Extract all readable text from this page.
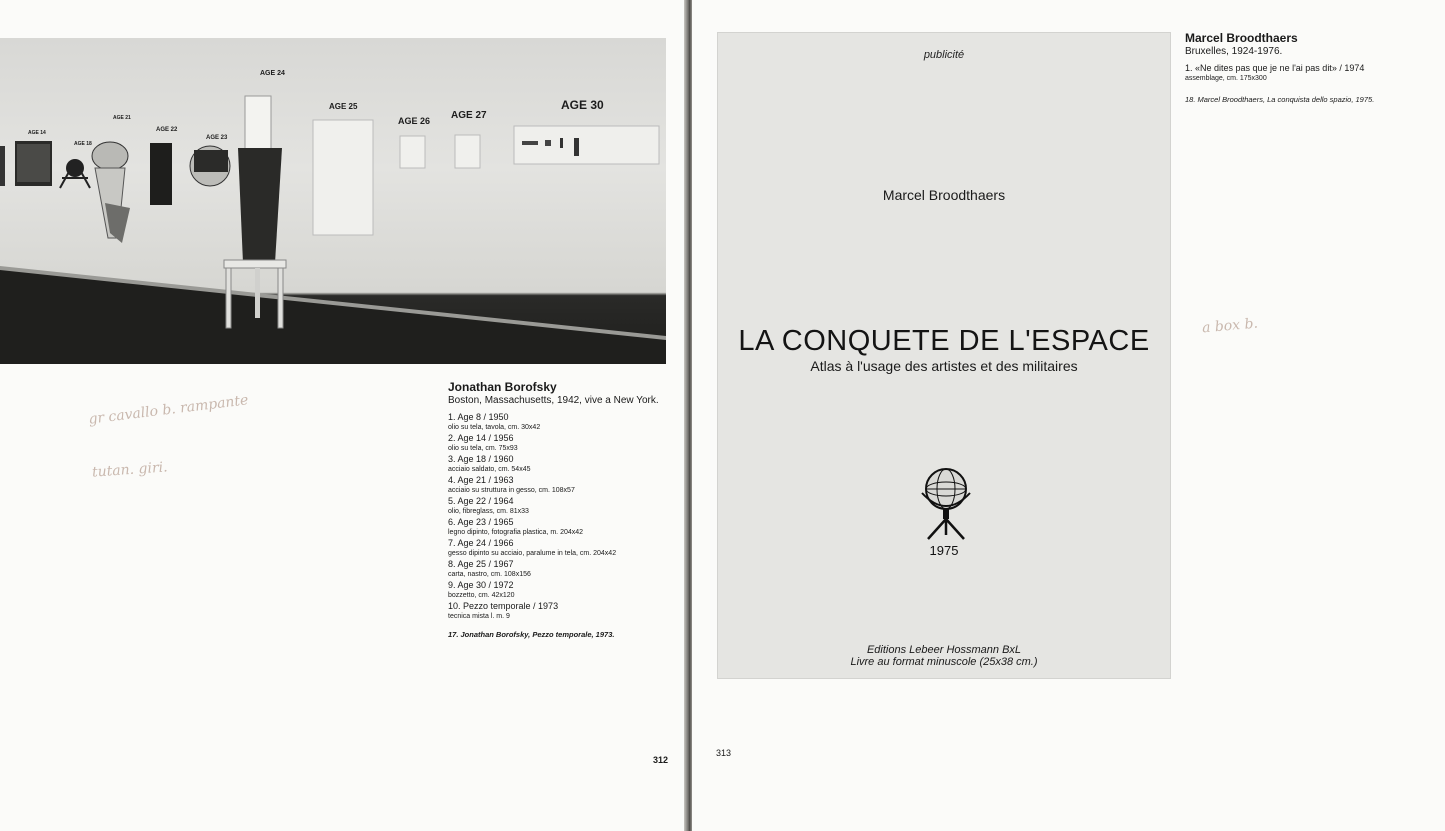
AGE 14
AGE 18
AGE 21
AGE 22
AGE 23
AGE 24
AGE 25
AGE 26 AGE 27
AGE 30
gr cavallo b. rampante
tutan. giri.
Jonathan Borofsky
Boston, Massachusetts, 1942, vive a New York.
1. Age 8 / 1950
olio su tela, tavola, cm. 30x42
2. Age 14 / 1956
olio su tela, cm. 75x93
3. Age 18 / 1960
acciaio saldato, cm. 54x45
4. Age 21 / 1963
acciaio su struttura in gesso, cm. 108x57
5. Age 22 / 1964
olio, fibreglass, cm. 81x33
6. Age 23 / 1965
legno dipinto, fotografia plastica, m. 204x42
7. Age 24 / 1966
gesso dipinto su acciaio, paralume in tela, cm. 204x42
8. Age 25 / 1967
carta, nastro, cm. 108x156
9. Age 30 / 1972
bozzetto, cm. 42x120
10. Pezzo temporale / 1973
tecnica mista l. m. 9
17. Jonathan Borofsky, Pezzo temporale, 1973.
312
313
a box b.
publicité
Marcel Broodthaers
LA CONQUETE DE L'ESPACE
Atlas à l'usage des artistes et des militaires
1975
Editions Lebeer Hossmann BxL
Livre au format minuscole (25x38 cm.)
Marcel Broodthaers
Bruxelles, 1924-1976.
1. «Ne dites pas que je ne l'ai pas dit» / 1974
assemblage, cm. 175x300
18. Marcel Broodthaers, La conquista dello spazio, 1975.
